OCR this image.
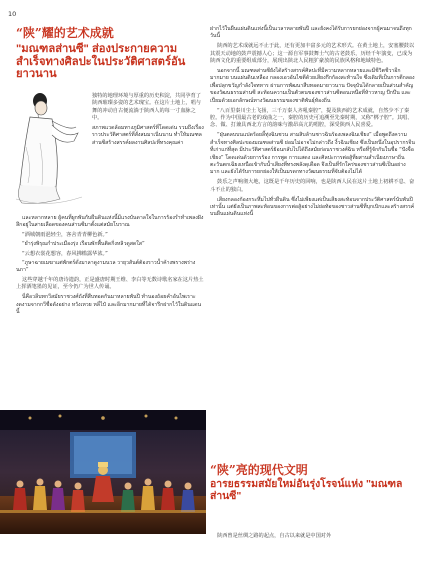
10
“陕”耀的艺术成就
"มณฑลส่านซี" ส่องประกายความสำเร็จทางศิลปะในประวัติศาสตร์อันยาวนาน

独特的地理环境与厚重的历史积淀，共同孕育了陕西璀璨多姿的艺术瑰宝。在这片土地上，唱与舞的冲动自古便流淌于陕西人的每一寸血脉之中。

สภาพแวดล้อมทางภูมิศาสตร์ที่โดดเด่น รวมถึงเรื่องราวประวัติศาสตร์ที่สั่งสมมาเนิ่นนาน ทำให้มณฑลส่านซีสร้างสรรค์ผลงานศิลปะที่ทรงคุณค่า

และหลากหลาย ผู้คนที่ผูกพันกับผืนดินแห่งนี้มีแรงบันดาลใจในการร้องรำทำเพลงฝังลึกอยู่ในสายเลือดของคนส่านซีมาตั้งแต่สมัยโบราณ

“酒城朝雨浥轻尘，客舍青青柳色新。”

“ยำรุ่งพิรุณกำประเมืองรุ่ง เรือนพักพื้นติดกิ่งหลิวดูสดใส”

“云想衣裳花想容，春风拂槛露华浓。”

“ภูษาฉายเมฆาแต่พักตร์ดั่งมาลาดูงามนวล วายุวสันต์ต้องราวน้ำค้างพรางพร่างนภา”

这些穿越千年的唐诗遗韵，正是盛唐时期王维、李白等无数诗歌名家在这片热土上挥洒笔墨的见证，至今仍广为世人传诵。

นี่คือวลีบทกวีสมัยราชวงศ์ถังที่สืบทอดกันมาหลายพันปี ทำนองถ้อยคำอันไพเราะงดงามจากกวีชื่อดังอย่าง หวังเหวย หลี่ไป๋ และอีกมากมายที่ได้จารึกฝากไว้ในดินแดนนี้

ฝากไว้ในผืนแผ่นดินแห่งนี้เป็นเวลาหลายพันปี และยังคงได้รับการยกย่องจากผู้คนมาจนถึงทุกวันนี้

陕西的艺术成就远不止于此，还有更加丰富多元的艺术形式。在黄土地上，安塞腰鼓以其震天动地的鼓声震撼人心；这一源自军事鼓舞士气的古老鼓乐，历经千年演变，已成为陕西文化的重要组成部分，展现出陕北人民粗犷豪放的民族风格和地域特色。

นอกจากนี้ มณฑลส่านซียังได้สร้างสรรค์ศิลปะที่มีความหลากหลายและมีชีวิตชีวาอีกมากมาย บนแผ่นดินเหลือง กลองเอวอันไซตีด้วยเสียงกึกก้องสะท้านใจ ซึ่งเดิมทีเป็นการตีกลองเพื่อปลุกขวัญกำลังใจทหาร ผ่านการพัฒนาสืบทอดมายาวนาน ปัจจุบันได้กลายเป็นส่วนสำคัญของวัฒนธรรมส่านซี สะท้อนความเป็นตัวตนของชาวส่านซีตอนเหนือที่ห้าวหาญ บึกบึน และเปี่ยมด้วยเอกลักษณ์ทางวัฒนธรรมของชาติพันธุ์ท้องถิ่น

“八百里秦川尘土飞扬，三千万秦人齐吼秦腔”，提及陕西的艺术成就，自然少不了秦腔。作为中国最古老的戏曲之一，秦腔的历史可追溯至先秦时期，又称“梆子腔”。其唱、念、做、打兼具西北方言的韵味与激昂高亢的唱腔，深受陕西人民喜爱。

“ฝุ่นตลบบนแปดร้อยลี้ทุ่งฉินชวน สามสิบล้านชาวฉินร้องเพลงฉินเชียง” เมื่อพูดถึงความสำเร็จทางศิลปะของมณฑลส่านซี ย่อมไม่อาจไม่กล่าวถึง งิ้วฉินเชียง ซึ่งเป็นหนึ่งในอุปรากรจีนที่เก่าแก่ที่สุด มีประวัติศาสตร์ย้อนกลับไปได้ถึงสมัยก่อนราชวงศ์ฉิน หรือที่รู้จักกันในชื่อ “ปังจื่อเชียง” โดดเด่นด้วยการร้อง การพูด การแสดง และศิลปะการต่อสู้ที่ผสานสำเนียงภาษาถิ่นตะวันตกเฉียงเหนือเข้ากับน้ำเสียงที่ทรงพลังดุเดือด จึงเป็นที่รักใคร่ของชาวส่านซีเป็นอย่างมาก และยังได้รับการยกย่องให้เป็นมรดกทางวัฒนธรรมที่จับต้องไม่ได้

鼓乐之声响彻大地，这既是千年历史的回响，也是陕西人民在这片土地上初耕不息、奋斗不止的独白。

เสียงกลองก้องกระหึ่มไปทั่วผืนดิน ซึ่งไม่เพียงแต่เป็นเสียงสะท้อนจากประวัติศาสตร์นับพันปีเท่านั้น แต่ยังเป็นภาพสะท้อนของการต่อสู้อย่างไม่ย่อท้อของชาวส่านซีที่บุกเบิกและสร้างสรรค์บนผืนแผ่นดินแห่งนี้

“陕”亮的现代文明
อารยธรรมสมัยใหม่อันรุ่งโรจน์แห่ง "มณฑลส่านซี"

陕西曾是丝绸之路的起点，自古以来就是中国对外
